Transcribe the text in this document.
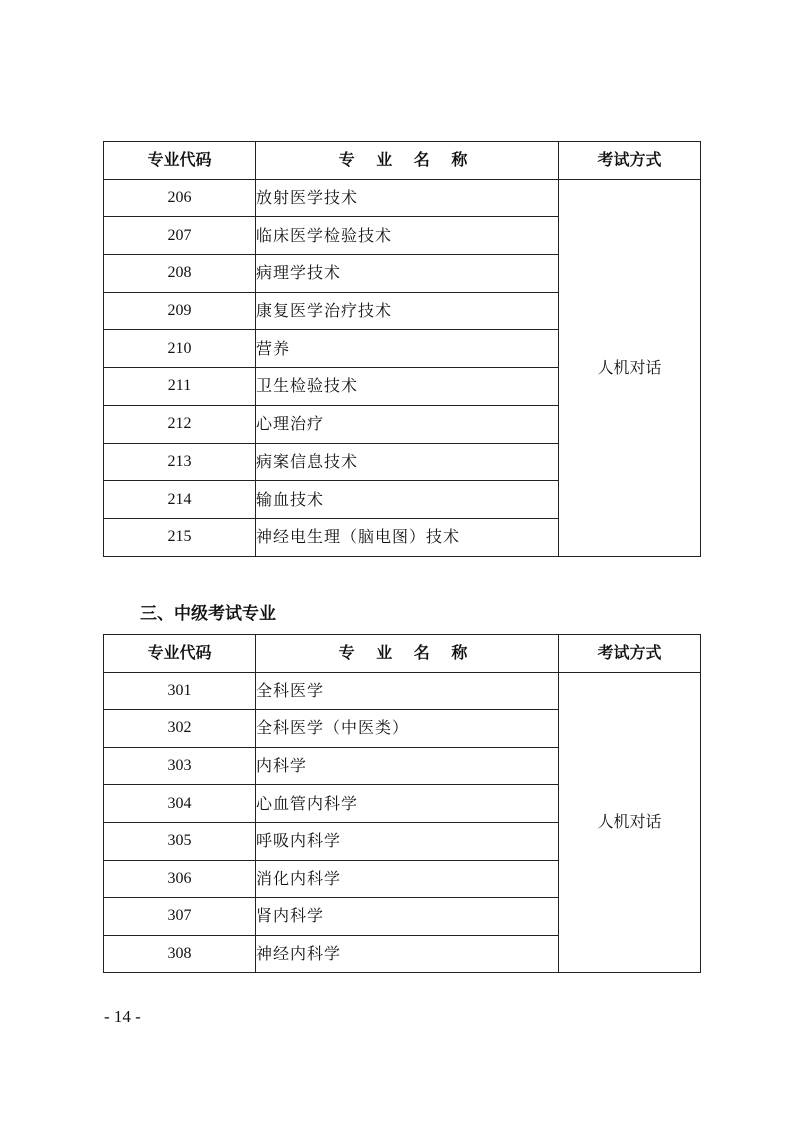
专业代码	专 业 名 称	考试方式
206	放射医学技术	人机对话
207	临床医学检验技术	
208	病理学技术	
209	康复医学治疗技术	
210	营养	
211	卫生检验技术	
212	心理治疗	
213	病案信息技术	
214	输血技术	
215	神经电生理（脑电图）技术	
三、中级考试专业
专业代码	专 业 名 称	考试方式
301	全科医学	人机对话
302	全科医学（中医类）	
303	内科学	
304	心血管内科学	
305	呼吸内科学	
306	消化内科学	
307	肾内科学	
308	神经内科学	
- 14 -
